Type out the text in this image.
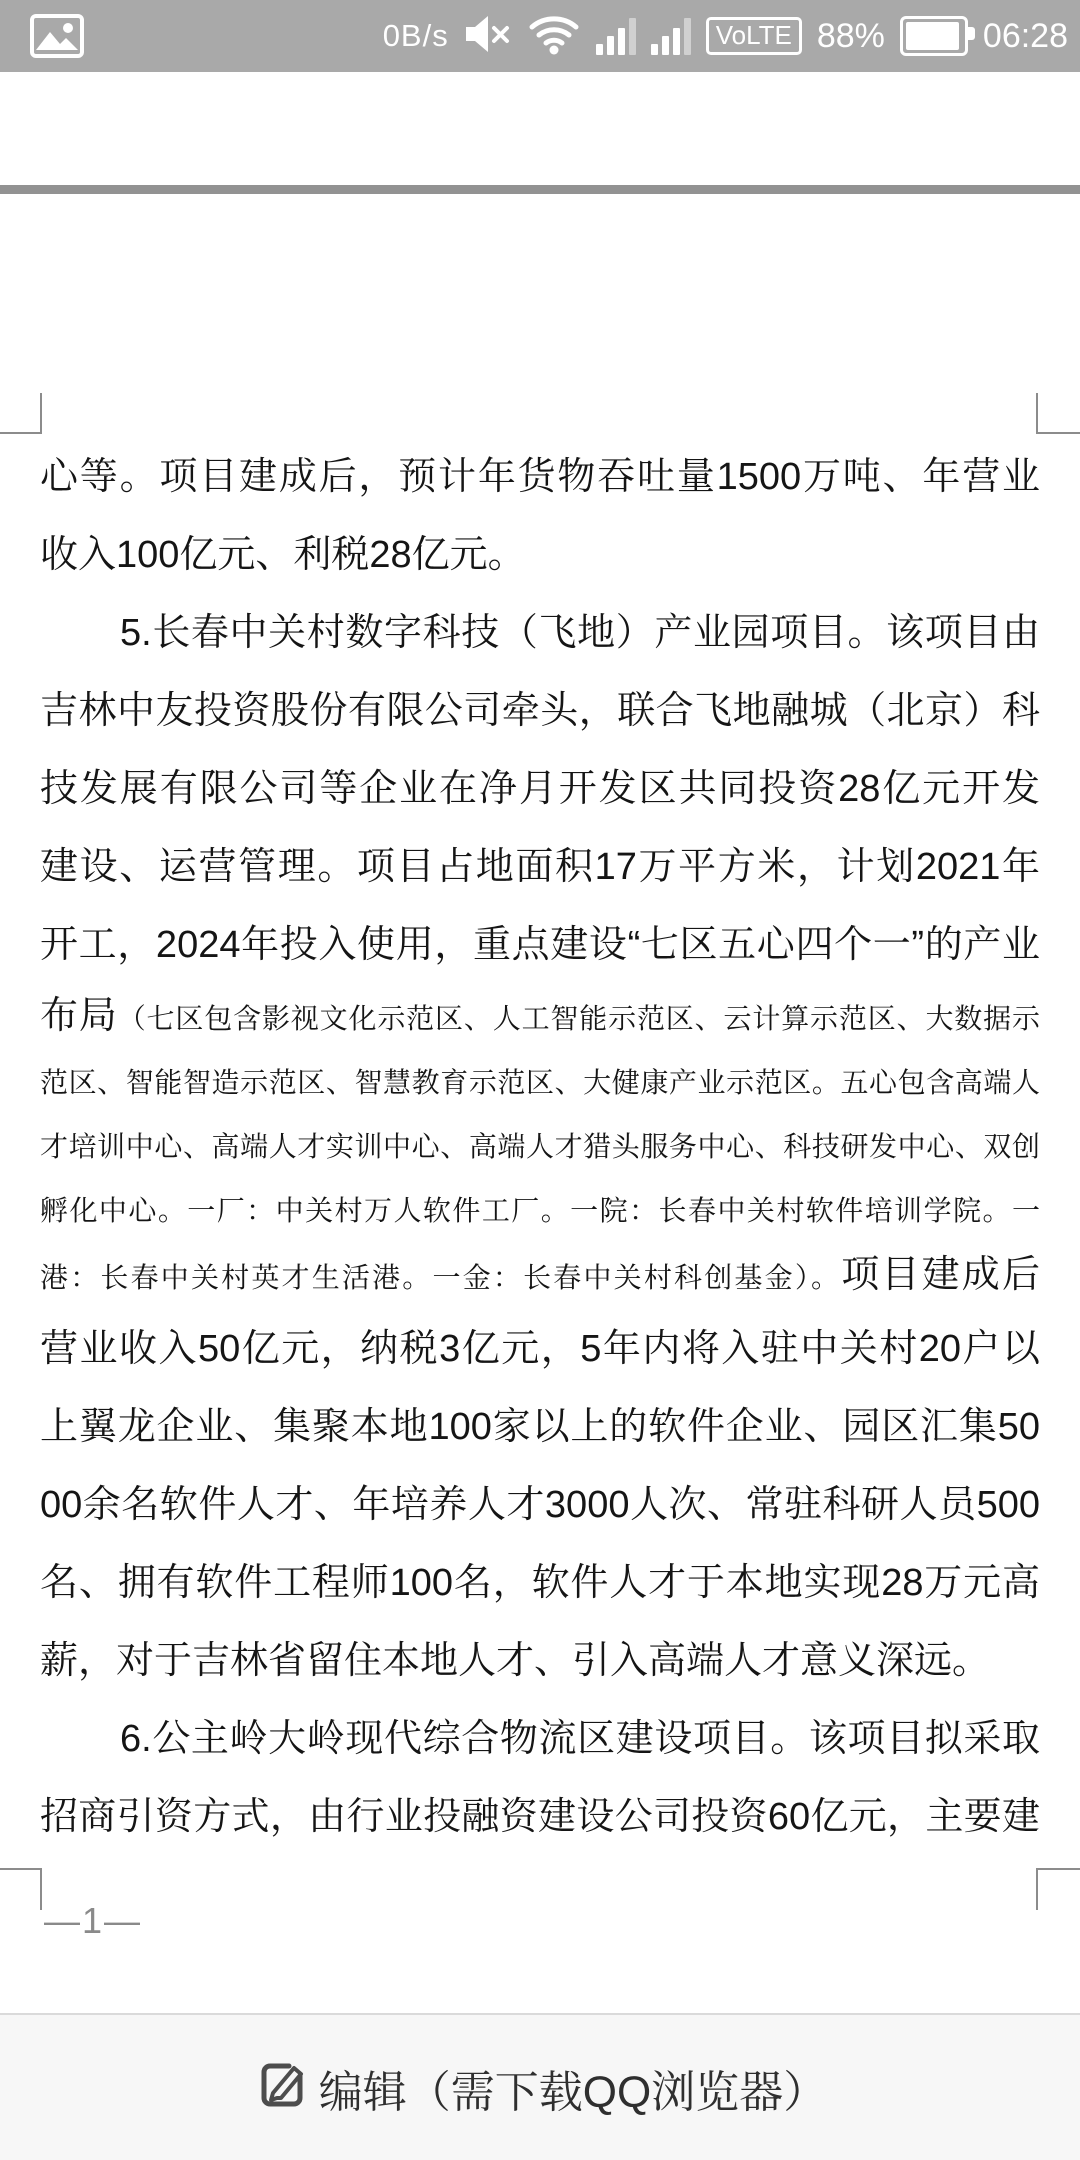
0B/s	VoLTE 88%	06:28
心等。项目建成后，预计年货物吞吐量1500万吨、年营业
收入100亿元、利税28亿元。
5.长春中关村数字科技（飞地）产业园项目。该项目由
吉林中友投资股份有限公司牵头，联合飞地融城（北京）科
技发展有限公司等企业在净月开发区共同投资28亿元开发
建设、运营管理。项目占地面积17万平方米，计划2021年
开工，2024年投入使用，重点建设“七区五心四个一”的产业
布局（七区包含影视文化示范区、人工智能示范区、云计算示范区、大数据示
范区、智能智造示范区、智慧教育示范区、大健康产业示范区。五心包含高端人
才培训中心、高端人才实训中心、高端人才猎头服务中心、科技研发中心、双创
孵化中心。一厂：中关村万人软件工厂。一院：长春中关村软件培训学院。一
港：长春中关村英才生活港。一金：长春中关村科创基金）。项目建成后
营业收入50亿元，纳税3亿元，5年内将入驻中关村20户以
上翼龙企业、集聚本地100家以上的软件企业、园区汇集50
00余名软件人才、年培养人才3000人次、常驻科研人员500
名、拥有软件工程师100名，软件人才于本地实现28万元高
薪，对于吉林省留住本地人才、引入高端人才意义深远。
6.公主岭大岭现代综合物流区建设项目。该项目拟采取
招商引资方式，由行业投融资建设公司投资60亿元，主要建
—1—
编辑（需下载QQ浏览器）
